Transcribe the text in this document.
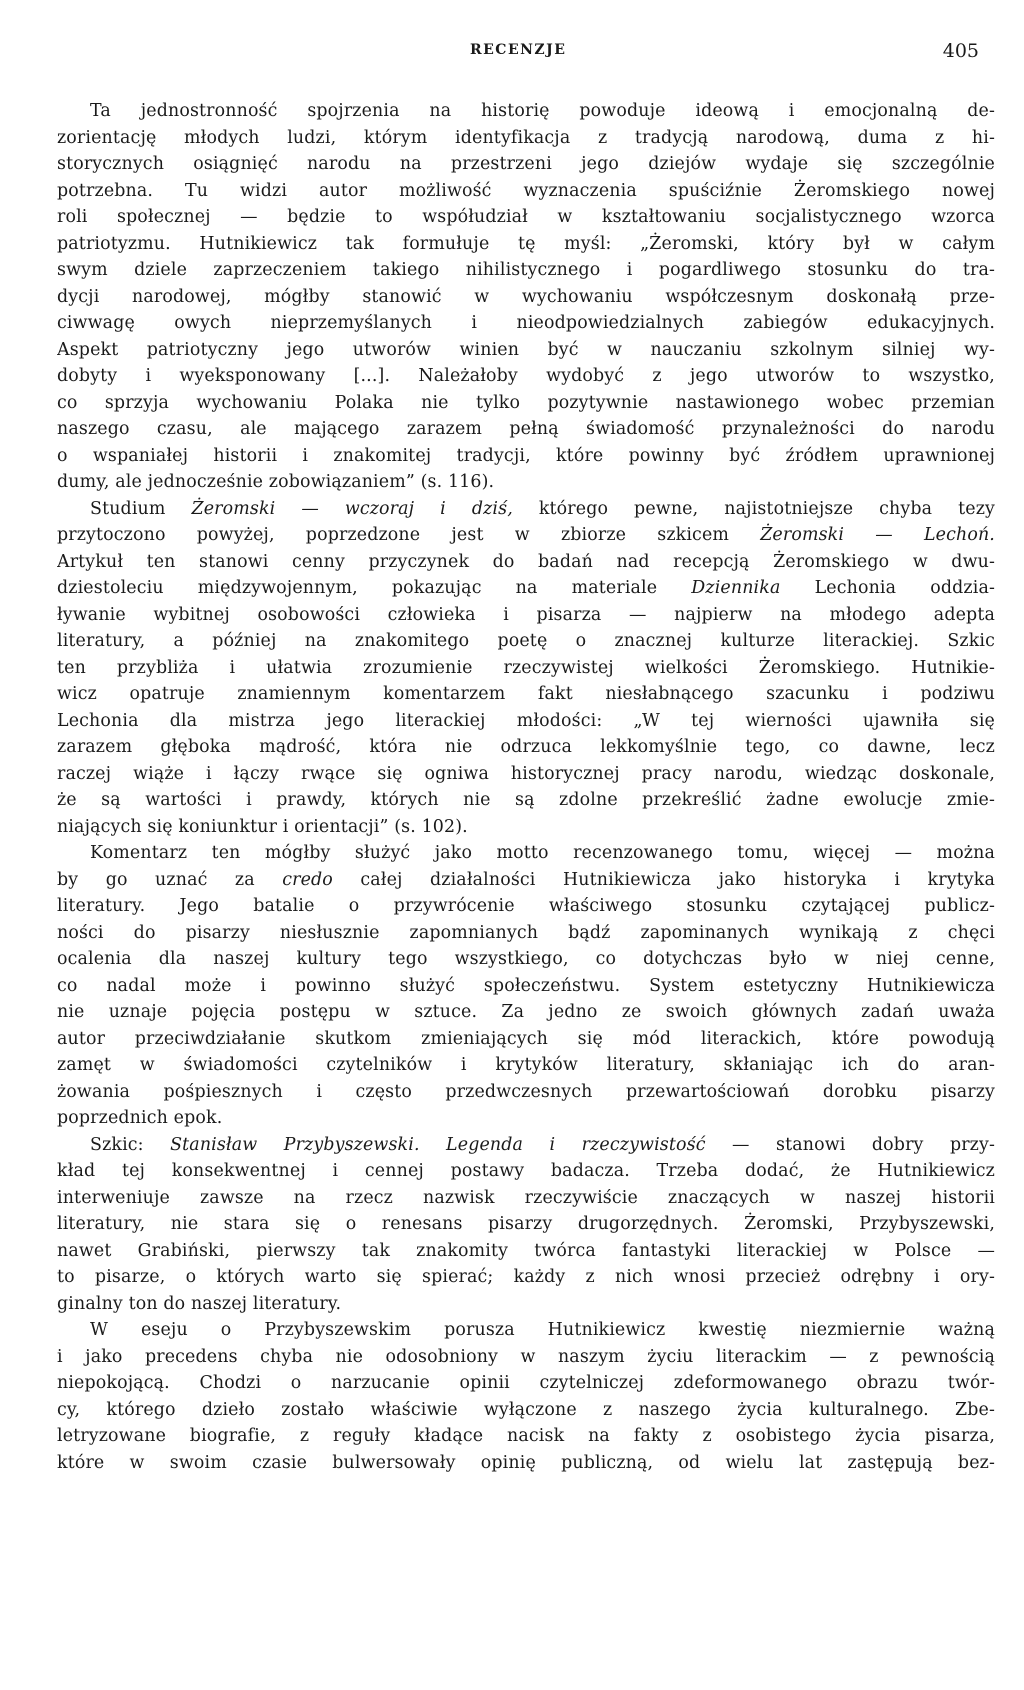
RECENZJE	405
Ta jednostronność spojrzenia na historię powoduje ideową i emocjonalną de-
zorientację młodych ludzi, którym identyfikacja z tradycją narodową, duma z hi-
storycznych osiągnięć narodu na przestrzeni jego dziejów wydaje się szczególnie
potrzebna. Tu widzi autor możliwość wyznaczenia spuściźnie Żeromskiego nowej
roli społecznej — będzie to współudział w kształtowaniu socjalistycznego wzorca
patriotyzmu. Hutnikiewicz tak formułuje tę myśl: „Żeromski, który był w całym
swym dziele zaprzeczeniem takiego nihilistycznego i pogardliwego stosunku do tra-
dycji narodowej, mógłby stanowić w wychowaniu współczesnym doskonałą prze-
ciwwagę owych nieprzemyślanych i nieodpowiedzialnych zabiegów edukacyjnych.
Aspekt patriotyczny jego utworów winien być w nauczaniu szkolnym silniej wy-
dobyty i wyeksponowany [...]. Należałoby wydobyć z jego utworów to wszystko,
co sprzyja wychowaniu Polaka nie tylko pozytywnie nastawionego wobec przemian
naszego czasu, ale mającego zarazem pełną świadomość przynależności do narodu
o wspaniałej historii i znakomitej tradycji, które powinny być źródłem uprawnionej
dumy, ale jednocześnie zobowiązaniem” (s. 116).
Studium Żeromski — wczoraj i dziś, którego pewne, najistotniejsze chyba tezy
przytoczono powyżej, poprzedzone jest w zbiorze szkicem Żeromski — Lechoń.
Artykuł ten stanowi cenny przyczynek do badań nad recepcją Żeromskiego w dwu-
dziestoleciu międzywojennym, pokazując na materiale Dziennika Lechonia oddzia-
ływanie wybitnej osobowości człowieka i pisarza — najpierw na młodego adepta
literatury, a później na znakomitego poetę o znacznej kulturze literackiej. Szkic
ten przybliża i ułatwia zrozumienie rzeczywistej wielkości Żeromskiego. Hutnikie-
wicz opatruje znamiennym komentarzem fakt niesłabnącego szacunku i podziwu
Lechonia dla mistrza jego literackiej młodości: „W tej wierności ujawniła się
zarazem głęboka mądrość, która nie odrzuca lekkomyślnie tego, co dawne, lecz
raczej wiąże i łączy rwące się ogniwa historycznej pracy narodu, wiedząc doskonale,
że są wartości i prawdy, których nie są zdolne przekreślić żadne ewolucje zmie-
niających się koniunktur i orientacji” (s. 102).
Komentarz ten mógłby służyć jako motto recenzowanego tomu, więcej — można
by go uznać za credo całej działalności Hutnikiewicza jako historyka i krytyka
literatury. Jego batalie o przywrócenie właściwego stosunku czytającej publicz-
ności do pisarzy niesłusznie zapomnianych bądź zapominanych wynikają z chęci
ocalenia dla naszej kultury tego wszystkiego, co dotychczas było w niej cenne,
co nadal może i powinno służyć społeczeństwu. System estetyczny Hutnikiewicza
nie uznaje pojęcia postępu w sztuce. Za jedno ze swoich głównych zadań uważa
autor przeciwdziałanie skutkom zmieniających się mód literackich, które powodują
zamęt w świadomości czytelników i krytyków literatury, skłaniając ich do aran-
żowania pośpiesznych i często przedwczesnych przewartościowań dorobku pisarzy
poprzednich epok.
Szkic: Stanisław Przybyszewski. Legenda i rzeczywistość — stanowi dobry przy-
kład tej konsekwentnej i cennej postawy badacza. Trzeba dodać, że Hutnikiewicz
interweniuje zawsze na rzecz nazwisk rzeczywiście znaczących w naszej historii
literatury, nie stara się o renesans pisarzy drugorzędnych. Żeromski, Przybyszewski,
nawet Grabiński, pierwszy tak znakomity twórca fantastyki literackiej w Polsce —
to pisarze, o których warto się spierać; każdy z nich wnosi przecież odrębny i ory-
ginalny ton do naszej literatury.
W eseju o Przybyszewskim porusza Hutnikiewicz kwestię niezmiernie ważną
i jako precedens chyba nie odosobniony w naszym życiu literackim — z pewnością
niepokojącą. Chodzi o narzucanie opinii czytelniczej zdeformowanego obrazu twór-
cy, którego dzieło zostało właściwie wyłączone z naszego życia kulturalnego. Zbe-
letryzowane biografie, z reguły kładące nacisk na fakty z osobistego życia pisarza,
które w swoim czasie bulwersowały opinię publiczną, od wielu lat zastępują bez-
